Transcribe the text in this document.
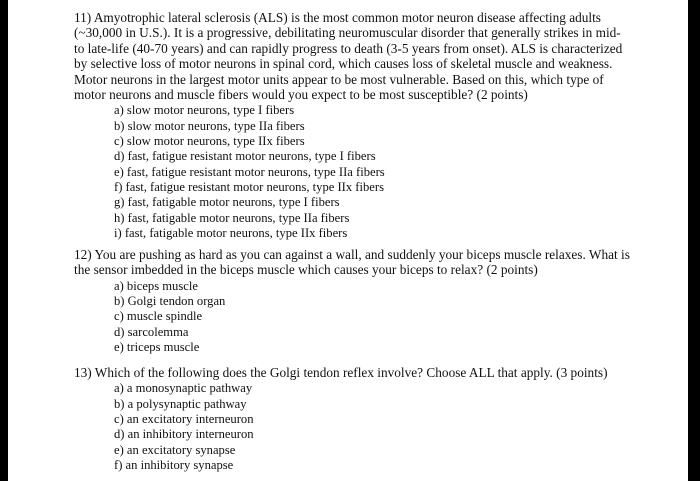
11) Amyotrophic lateral sclerosis (ALS) is the most common motor neuron disease affecting adults (~30,000 in U.S.). It is a progressive, debilitating neuromuscular disorder that generally strikes in mid- to late-life (40-70 years) and can rapidly progress to death (3-5 years from onset). ALS is characterized by selective loss of motor neurons in spinal cord, which causes loss of skeletal muscle and weakness. Motor neurons in the largest motor units appear to be most vulnerable. Based on this, which type of motor neurons and muscle fibers would you expect to be most susceptible? (2 points)

a) slow motor neurons, type I fibers
b) slow motor neurons, type IIa fibers
c) slow motor neurons, type IIx fibers
d) fast, fatigue resistant motor neurons, type I fibers
e) fast, fatigue resistant motor neurons, type IIa fibers
f) fast, fatigue resistant motor neurons, type IIx fibers
g) fast, fatigable motor neurons, type I fibers
h) fast, fatigable motor neurons, type IIa fibers
i) fast, fatigable motor neurons, type IIx fibers

12) You are pushing as hard as you can against a wall, and suddenly your biceps muscle relaxes. What is the sensor imbedded in the biceps muscle which causes your biceps to relax? (2 points)

a) biceps muscle
b) Golgi tendon organ
c) muscle spindle
d) sarcolemma
e) triceps muscle

13) Which of the following does the Golgi tendon reflex involve? Choose ALL that apply. (3 points)

a) a monosynaptic pathway
b) a polysynaptic pathway
c) an excitatory interneuron
d) an inhibitory interneuron
e) an excitatory synapse
f) an inhibitory synapse
